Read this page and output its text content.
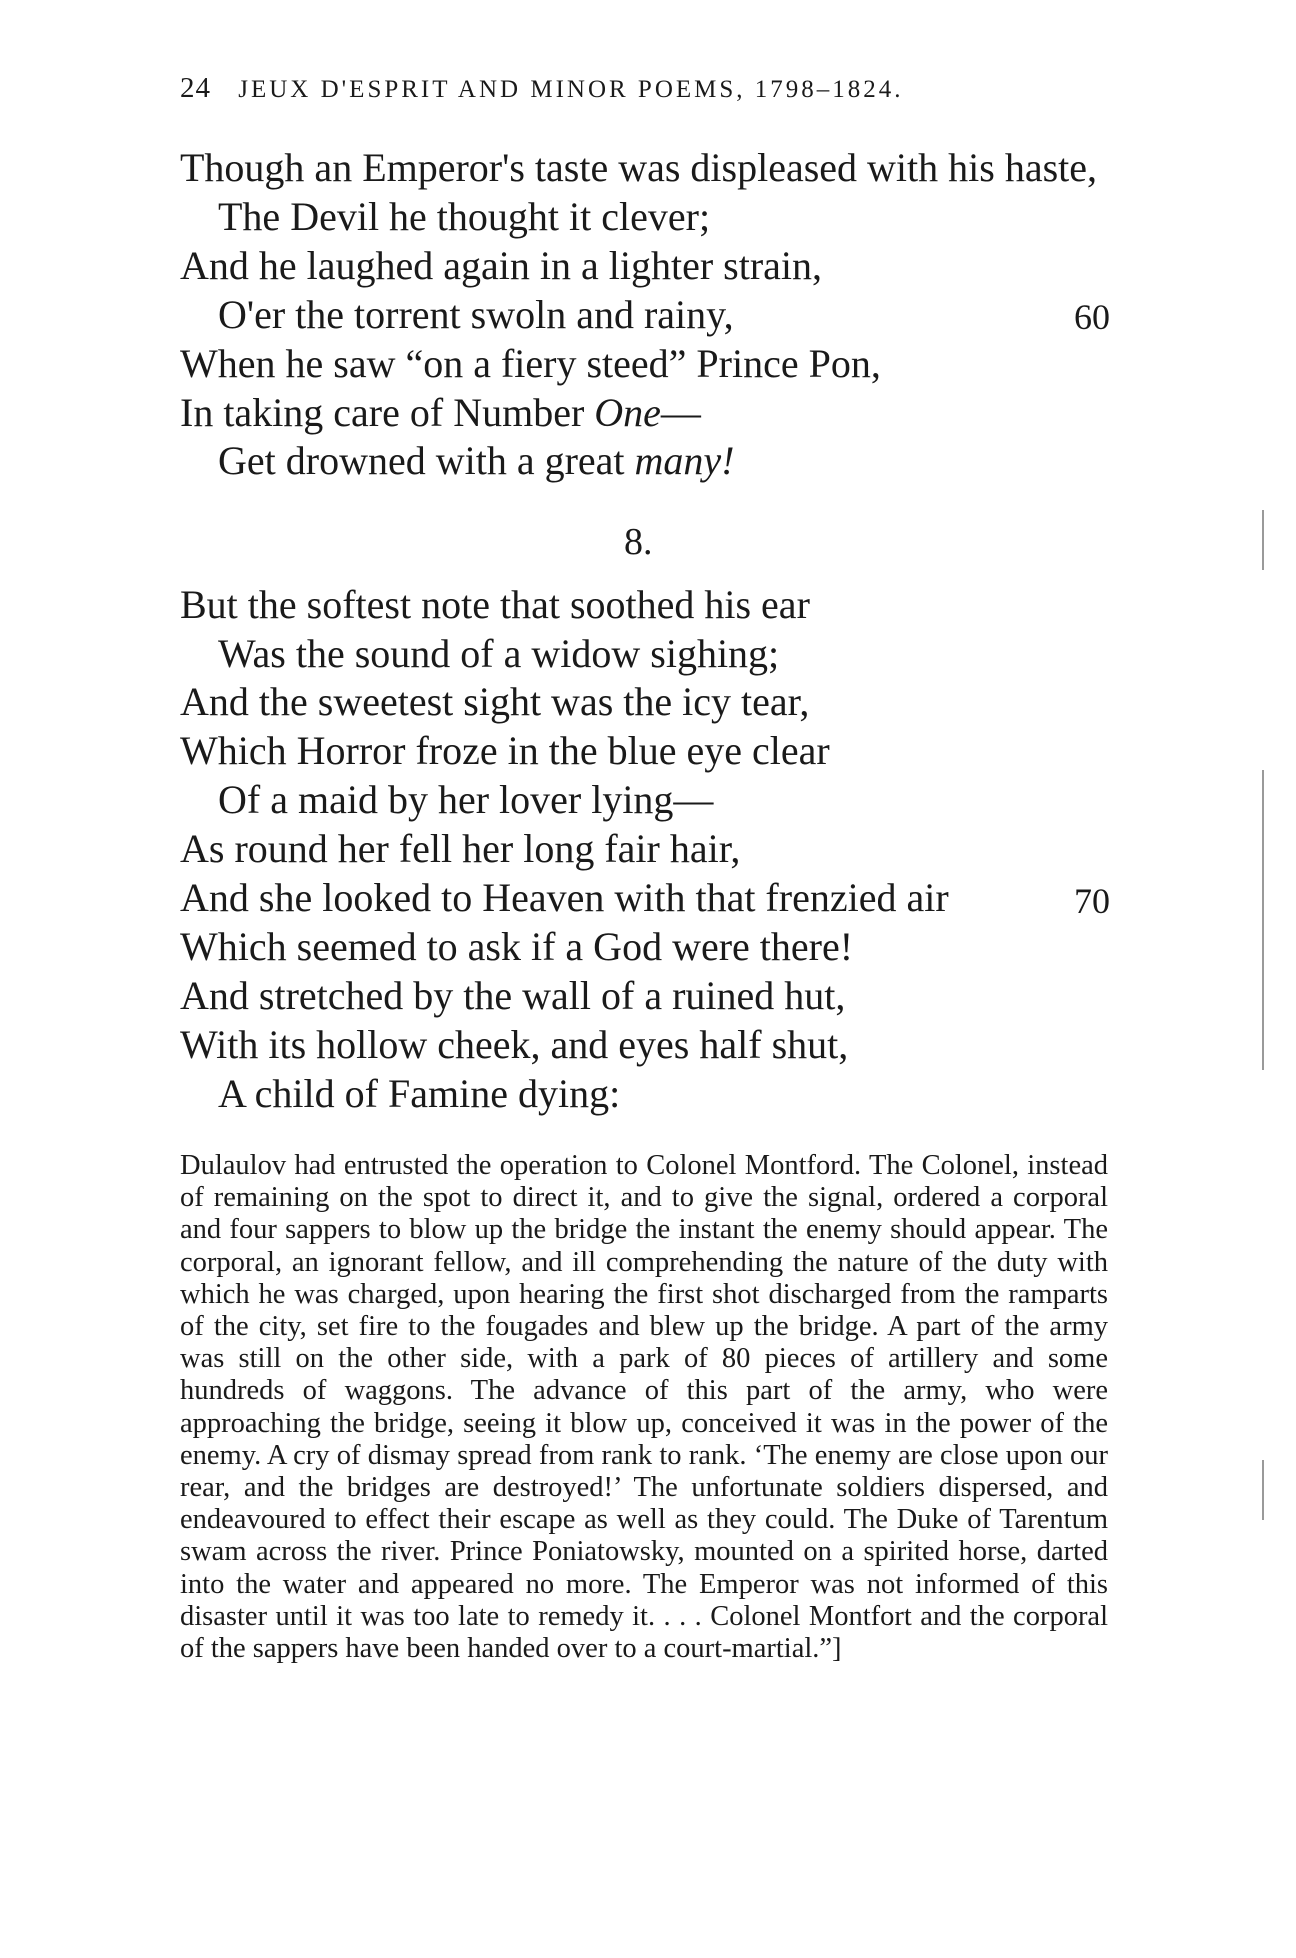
24 JEUX D'ESPRIT AND MINOR POEMS, 1798–1824.
Though an Emperor's taste was displeased with his haste,
The Devil he thought it clever;
And he laughed again in a lighter strain,
O'er the torrent swoln and rainy,	60
When he saw “on a fiery steed” Prince Pon,
In taking care of Number One—
Get drowned with a great many!
8.
But the softest note that soothed his ear
Was the sound of a widow sighing;
And the sweetest sight was the icy tear,
Which Horror froze in the blue eye clear
Of a maid by her lover lying—
As round her fell her long fair hair,
And she looked to Heaven with that frenzied air	70
Which seemed to ask if a God were there!
And stretched by the wall of a ruined hut,
With its hollow cheek, and eyes half shut,
A child of Famine dying:
Dulaulov had entrusted the operation to Colonel Montford. The Colonel, instead of remaining on the spot to direct it, and to give the signal, ordered a corporal and four sappers to blow up the bridge the instant the enemy should appear. The corporal, an ignorant fellow, and ill comprehending the nature of the duty with which he was charged, upon hearing the first shot discharged from the ramparts of the city, set fire to the fougades and blew up the bridge. A part of the army was still on the other side, with a park of 80 pieces of artillery and some hundreds of waggons. The advance of this part of the army, who were approaching the bridge, seeing it blow up, conceived it was in the power of the enemy. A cry of dismay spread from rank to rank. ‘The enemy are close upon our rear, and the bridges are destroyed!’ The unfortunate soldiers dispersed, and endeavoured to effect their escape as well as they could. The Duke of Tarentum swam across the river. Prince Poniatowsky, mounted on a spirited horse, darted into the water and appeared no more. The Emperor was not informed of this disaster until it was too late to remedy it. . . . Colonel Montfort and the corporal of the sappers have been handed over to a court-martial.”]
